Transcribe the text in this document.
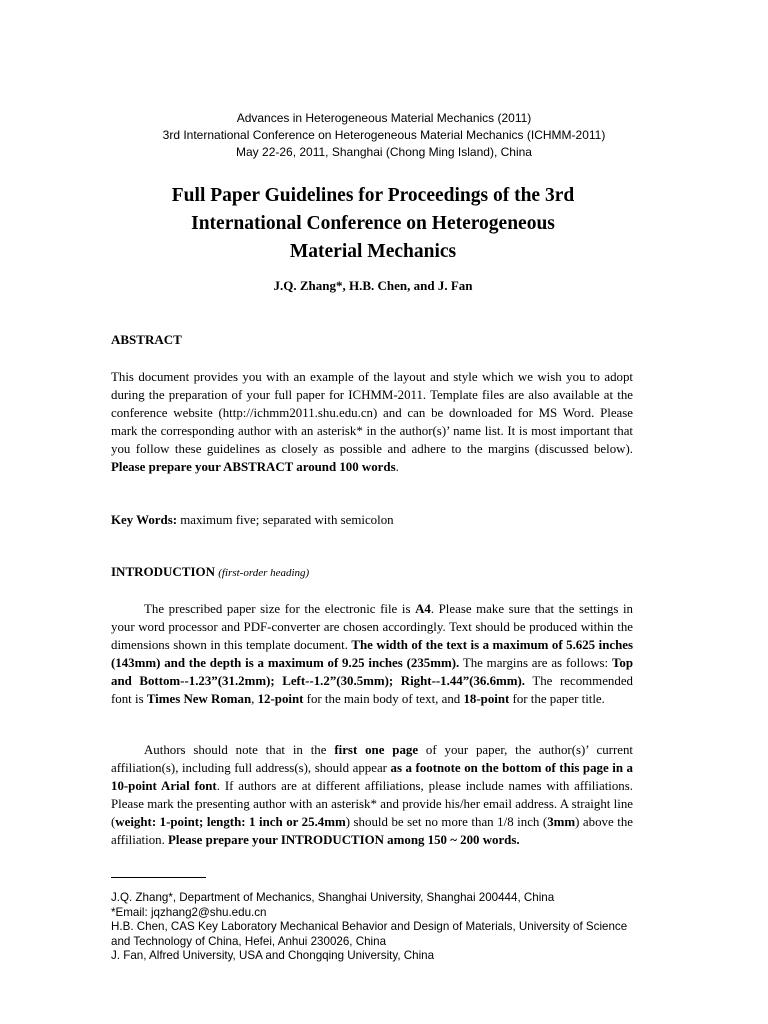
Advances in Heterogeneous Material Mechanics (2011)
3rd International Conference on Heterogeneous Material Mechanics (ICHMM-2011)
May 22-26, 2011, Shanghai (Chong Ming Island), China
Full Paper Guidelines for Proceedings of the 3rd
International Conference on Heterogeneous
Material Mechanics
J.Q. Zhang*, H.B. Chen, and J. Fan
ABSTRACT

This document provides you with an example of the layout and style which we wish you to adopt during the preparation of your full paper for ICHMM-2011. Template files are also available at the conference website (http://ichmm2011.shu.edu.cn) and can be downloaded for MS Word. Please mark the corresponding author with an asterisk* in the author(s)’ name list. It is most important that you follow these guidelines as closely as possible and adhere to the margins (discussed below). Please prepare your ABSTRACT around 100 words.

Key Words: maximum five; separated with semicolon

INTRODUCTION (first-order heading)

The prescribed paper size for the electronic file is A4. Please make sure that the settings in your word processor and PDF-converter are chosen accordingly. Text should be produced within the dimensions shown in this template document. The width of the text is a maximum of 5.625 inches (143mm) and the depth is a maximum of 9.25 inches (235mm). The margins are as follows: Top and Bottom--1.23”(31.2mm); Left--1.2”(30.5mm); Right--1.44”(36.6mm). The recommended font is Times New Roman, 12-point for the main body of text, and 18-point for the paper title.

Authors should note that in the first one page of your paper, the author(s)’ current affiliation(s), including full address(s), should appear as a footnote on the bottom of this page in a 10-point Arial font. If authors are at different affiliations, please include names with affiliations. Please mark the presenting author with an asterisk* and provide his/her email address. A straight line (weight: 1-point; length: 1 inch or 25.4mm) should be set no more than 1/8 inch (3mm) above the affiliation. Please prepare your INTRODUCTION among 150 ~ 200 words.

J.Q. Zhang*, Department of Mechanics, Shanghai University, Shanghai 200444, China
*Email: jqzhang2@shu.edu.cn
H.B. Chen, CAS Key Laboratory Mechanical Behavior and Design of Materials, University of Science and Technology of China, Hefei, Anhui 230026, China
J. Fan, Alfred University, USA and Chongqing University, China
